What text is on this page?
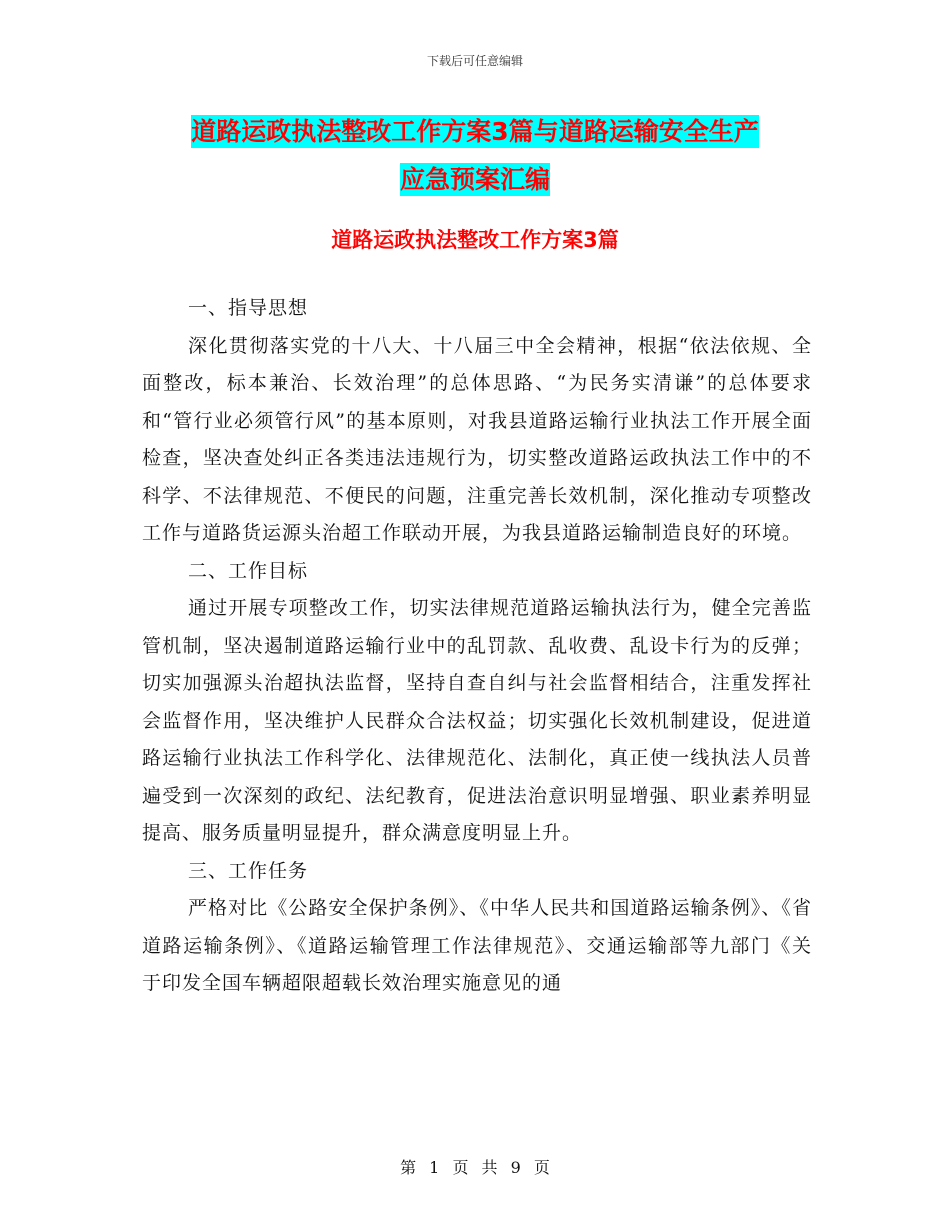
下载后可任意编辑
道路运政执法整改工作方案3篇与道路运输安全生产
应急预案汇编
道路运政执法整改工作方案3篇

一、指导思想

深化贯彻落实党的十八大、十八届三中全会精神，根据“依法依规、全面整改，标本兼治、长效治理”的总体思路、“为民务实清谦”的总体要求和“管行业必须管行风”的基本原则，对我县道路运输行业执法工作开展全面检查，坚决查处纠正各类违法违规行为，切实整改道路运政执法工作中的不科学、不法律规范、不便民的问题，注重完善长效机制，深化推动专项整改工作与道路货运源头治超工作联动开展，为我县道路运输制造良好的环境。

二、工作目标

通过开展专项整改工作，切实法律规范道路运输执法行为，健全完善监管机制，坚决遏制道路运输行业中的乱罚款、乱收费、乱设卡行为的反弹；切实加强源头治超执法监督，坚持自查自纠与社会监督相结合，注重发挥社会监督作用，坚决维护人民群众合法权益；切实强化长效机制建设，促进道路运输行业执法工作科学化、法律规范化、法制化，真正使一线执法人员普遍受到一次深刻的政纪、法纪教育，促进法治意识明显增强、职业素养明显提高、服务质量明显提升，群众满意度明显上升。

三、工作任务

严格对比《公路安全保护条例》、《中华人民共和国道路运输条例》、《省道路运输条例》、《道路运输管理工作法律规范》、交通运输部等九部门《关于印发全国车辆超限超载长效治理实施意见的通

第 1 页 共 9 页
